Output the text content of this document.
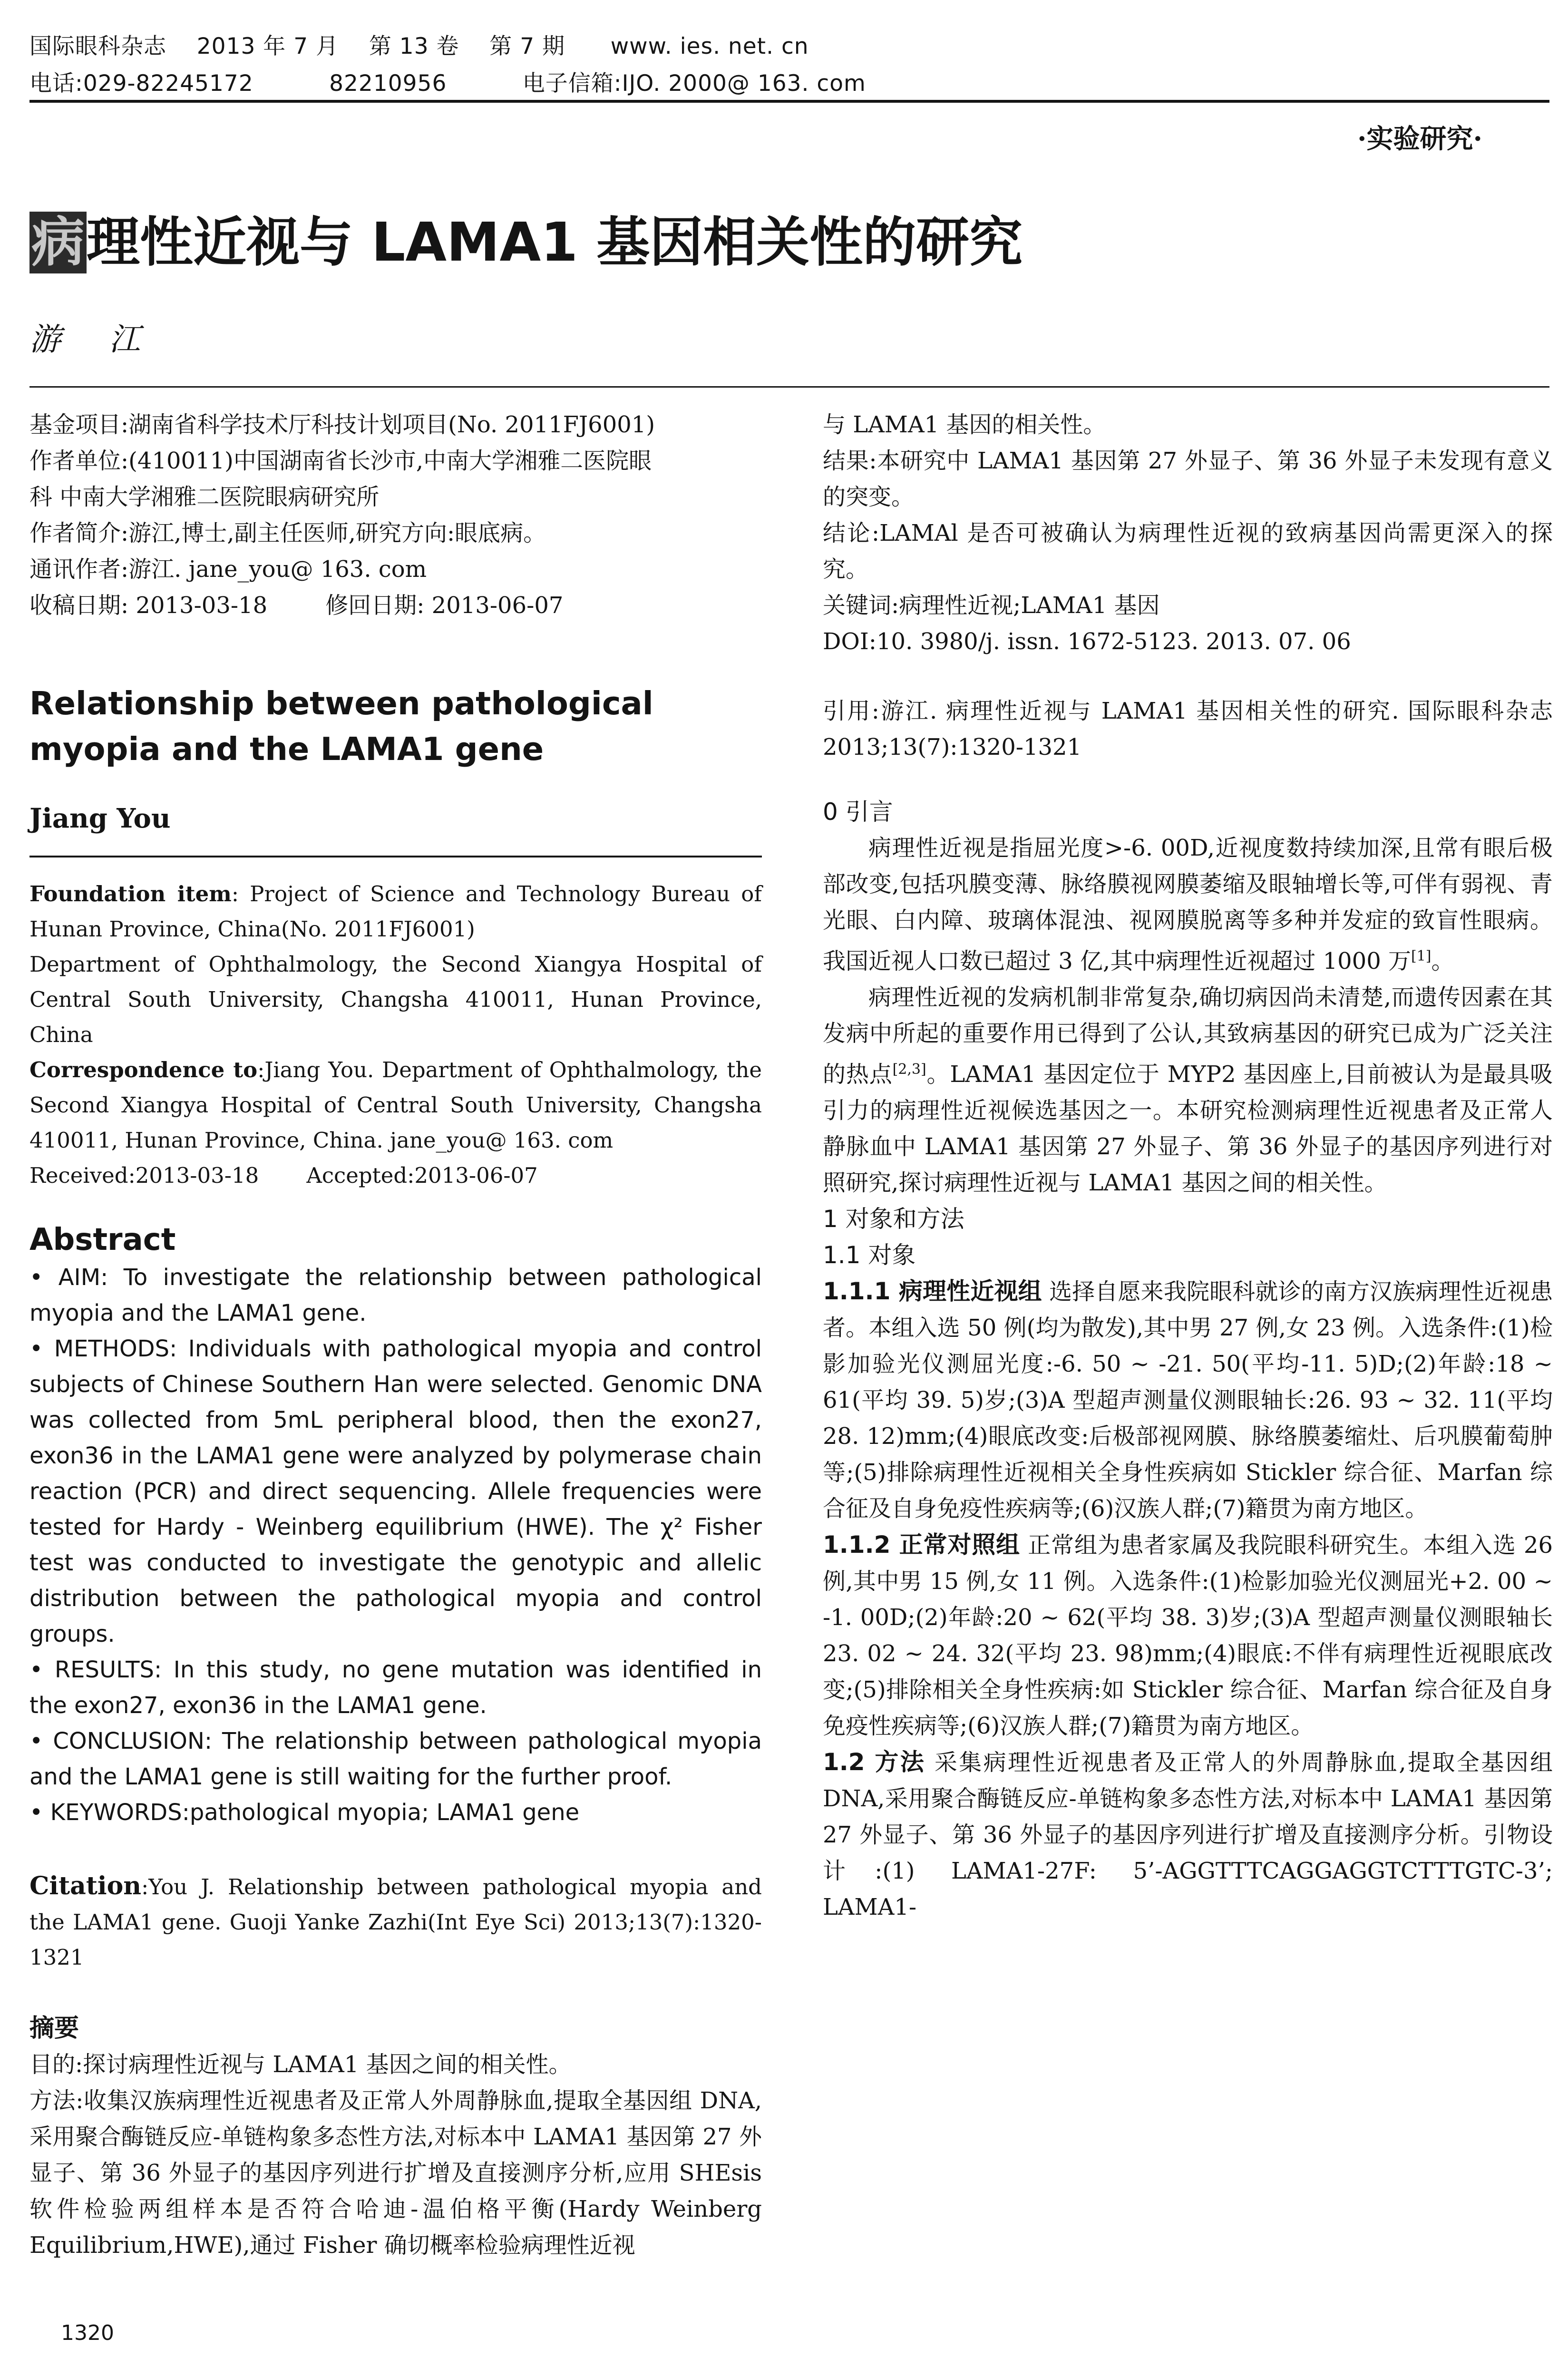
国际眼科杂志    2013 年 7 月    第 13 卷    第 7 期      www. ies. net. cn
电话:029-82245172          82210956          电子信箱:IJO. 2000@ 163. com
·实验研究·
病理性近视与 LAMA1 基因相关性的研究
游 江

基金项目:湖南省科学技术厅科技计划项目(No. 2011FJ6001)

作者单位:(410011)中国湖南省长沙市,中南大学湘雅二医院眼

科 中南大学湘雅二医院眼病研究所

作者简介:游江,博士,副主任医师,研究方向:眼底病。

通讯作者:游江. jane_you@ 163. com

收稿日期: 2013-03-18        修回日期: 2013-06-07

Relationship between pathological myopia and the LAMA1 gene

Jiang You

Foundation item: Project of Science and Technology Bureau of Hunan Province, China(No. 2011FJ6001)

Department of Ophthalmology, the Second Xiangya Hospital of Central South University, Changsha 410011, Hunan Province, China

Correspondence to:Jiang You. Department of Ophthalmology, the Second Xiangya Hospital of Central South University, Changsha 410011, Hunan Province, China. jane_you@ 163. com

Received:2013-03-18       Accepted:2013-06-07

Abstract

• AIM: To investigate the relationship between pathological myopia and the LAMA1 gene.

• METHODS: Individuals with pathological myopia and control subjects of Chinese Southern Han were selected. Genomic DNA was collected from 5mL peripheral blood, then the exon27, exon36 in the LAMA1 gene were analyzed by polymerase chain reaction (PCR) and direct sequencing. Allele frequencies were tested for Hardy - Weinberg equilibrium (HWE). The χ² Fisher test was conducted to investigate the genotypic and allelic distribution between the pathological myopia and control groups.

• RESULTS: In this study, no gene mutation was identified in the exon27, exon36 in the LAMA1 gene.

• CONCLUSION: The relationship between pathological myopia and the LAMA1 gene is still waiting for the further proof.

• KEYWORDS:pathological myopia; LAMA1 gene

Citation:You J. Relationship between pathological myopia and the LAMA1 gene. Guoji Yanke Zazhi(Int Eye Sci) 2013;13(7):1320-1321

摘要

目的:探讨病理性近视与 LAMA1 基因之间的相关性。

方法:收集汉族病理性近视患者及正常人外周静脉血,提取全基因组 DNA,采用聚合酶链反应-单链构象多态性方法,对标本中 LAMA1 基因第 27 外显子、第 36 外显子的基因序列进行扩增及直接测序分析,应用 SHEsis 软件检验两组样本是否符合哈迪-温伯格平衡(Hardy Weinberg Equilibrium,HWE),通过 Fisher 确切概率检验病理性近视

与 LAMA1 基因的相关性。

结果:本研究中 LAMA1 基因第 27 外显子、第 36 外显子未发现有意义的突变。

结论:LAMAl 是否可被确认为病理性近视的致病基因尚需更深入的探究。

关键词:病理性近视;LAMA1 基因

DOI:10. 3980/j. issn. 1672-5123. 2013. 07. 06

引用:游江. 病理性近视与 LAMA1 基因相关性的研究. 国际眼科杂志 2013;13(7):1320-1321

0 引言

病理性近视是指屈光度>-6. 00D,近视度数持续加深,且常有眼后极部改变,包括巩膜变薄、脉络膜视网膜萎缩及眼轴增长等,可伴有弱视、青光眼、白内障、玻璃体混浊、视网膜脱离等多种并发症的致盲性眼病。我国近视人口数已超过 3 亿,其中病理性近视超过 1000 万[1]。

病理性近视的发病机制非常复杂,确切病因尚未清楚,而遗传因素在其发病中所起的重要作用已得到了公认,其致病基因的研究已成为广泛关注的热点[2,3]。LAMA1 基因定位于 MYP2 基因座上,目前被认为是最具吸引力的病理性近视候选基因之一。本研究检测病理性近视患者及正常人静脉血中 LAMA1 基因第 27 外显子、第 36 外显子的基因序列进行对照研究,探讨病理性近视与 LAMA1 基因之间的相关性。

1 对象和方法

1.1 对象

1.1.1 病理性近视组 选择自愿来我院眼科就诊的南方汉族病理性近视患者。本组入选 50 例(均为散发),其中男 27 例,女 23 例。入选条件:(1)检影加验光仪测屈光度:-6. 50 ~ -21. 50(平均-11. 5)D;(2)年龄:18 ~ 61(平均 39. 5)岁;(3)A 型超声测量仪测眼轴长:26. 93 ~ 32. 11(平均 28. 12)mm;(4)眼底改变:后极部视网膜、脉络膜萎缩灶、后巩膜葡萄肿等;(5)排除病理性近视相关全身性疾病如 Stickler 综合征、Marfan 综合征及自身免疫性疾病等;(6)汉族人群;(7)籍贯为南方地区。

1.1.2 正常对照组 正常组为患者家属及我院眼科研究生。本组入选 26 例,其中男 15 例,女 11 例。入选条件:(1)检影加验光仪测屈光+2. 00 ~ -1. 00D;(2)年龄:20 ~ 62(平均 38. 3)岁;(3)A 型超声测量仪测眼轴长 23. 02 ~ 24. 32(平均 23. 98)mm;(4)眼底:不伴有病理性近视眼底改变;(5)排除相关全身性疾病:如 Stickler 综合征、Marfan 综合征及自身免疫性疾病等;(6)汉族人群;(7)籍贯为南方地区。

1.2 方法 采集病理性近视患者及正常人的外周静脉血,提取全基因组 DNA,采用聚合酶链反应-单链构象多态性方法,对标本中 LAMA1 基因第 27 外显子、第 36 外显子的基因序列进行扩增及直接测序分析。引物设计:(1) LAMA1-27F: 5’-AGGTTTCAGGAGGTCTTTGTC-3’; LAMA1-

1320
